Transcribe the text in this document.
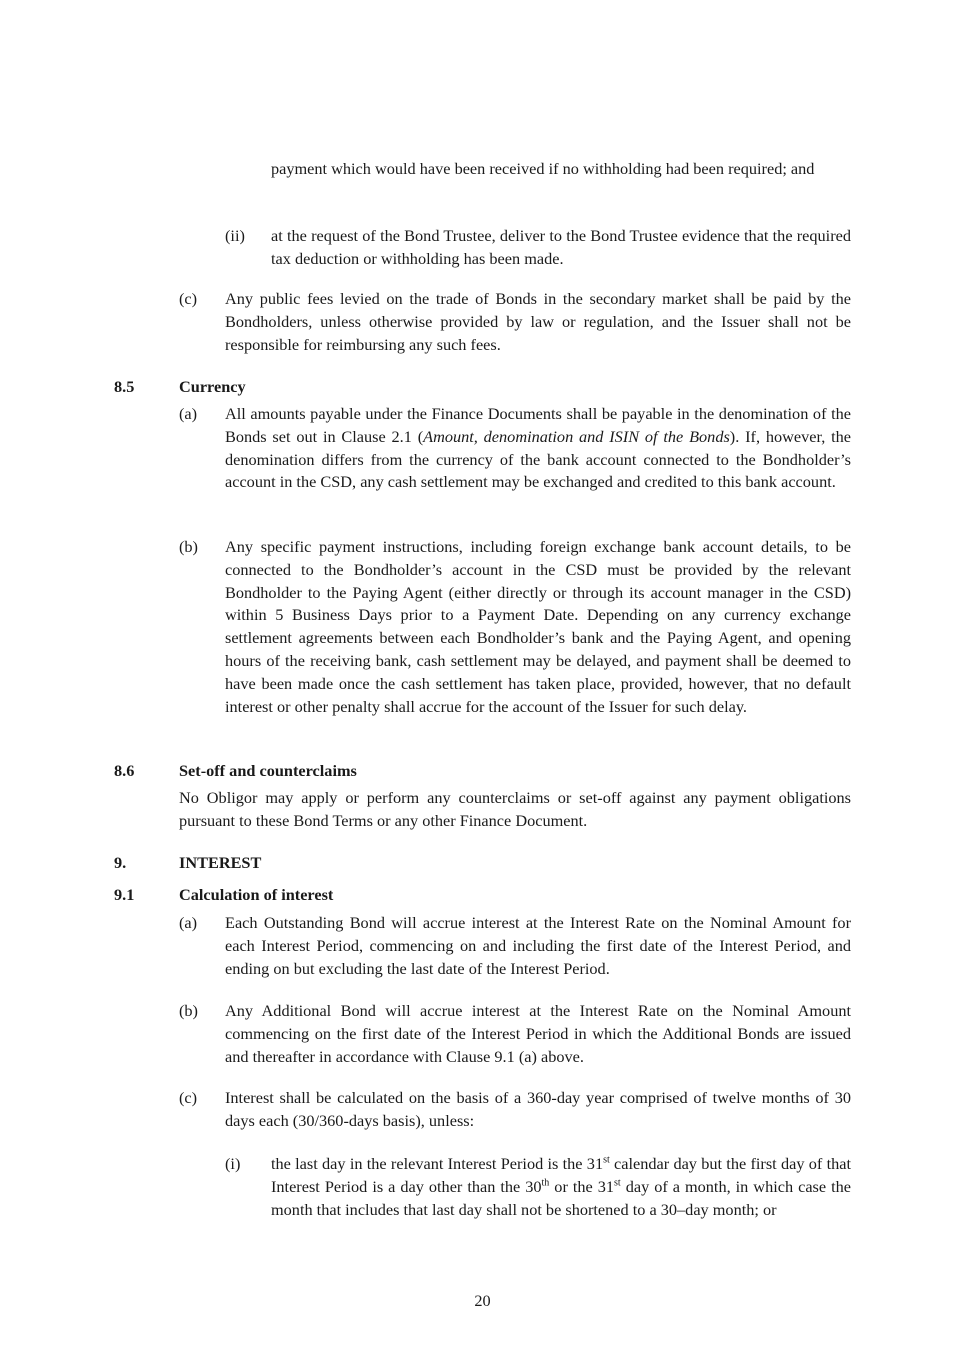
payment which would have been received if no withholding had been required; and
(ii) at the request of the Bond Trustee, deliver to the Bond Trustee evidence that the required tax deduction or withholding has been made.
(c) Any public fees levied on the trade of Bonds in the secondary market shall be paid by the Bondholders, unless otherwise provided by law or regulation, and the Issuer shall not be responsible for reimbursing any such fees.
8.5	Currency
(a) All amounts payable under the Finance Documents shall be payable in the denomination of the Bonds set out in Clause 2.1 (Amount, denomination and ISIN of the Bonds). If, however, the denomination differs from the currency of the bank account connected to the Bondholder’s account in the CSD, any cash settlement may be exchanged and credited to this bank account.
(b) Any specific payment instructions, including foreign exchange bank account details, to be connected to the Bondholder’s account in the CSD must be provided by the relevant Bondholder to the Paying Agent (either directly or through its account manager in the CSD) within 5 Business Days prior to a Payment Date. Depending on any currency exchange settlement agreements between each Bondholder’s bank and the Paying Agent, and opening hours of the receiving bank, cash settlement may be delayed, and payment shall be deemed to have been made once the cash settlement has taken place, provided, however, that no default interest or other penalty shall accrue for the account of the Issuer for such delay.
8.6	Set-off and counterclaims
No Obligor may apply or perform any counterclaims or set-off against any payment obligations pursuant to these Bond Terms or any other Finance Document.
9.	INTEREST
9.1	Calculation of interest
(a) Each Outstanding Bond will accrue interest at the Interest Rate on the Nominal Amount for each Interest Period, commencing on and including the first date of the Interest Period, and ending on but excluding the last date of the Interest Period.
(b) Any Additional Bond will accrue interest at the Interest Rate on the Nominal Amount commencing on the first date of the Interest Period in which the Additional Bonds are issued and thereafter in accordance with Clause 9.1 (a) above.
(c) Interest shall be calculated on the basis of a 360-day year comprised of twelve months of 30 days each (30/360-days basis), unless:
(i) the last day in the relevant Interest Period is the 31st calendar day but the first day of that Interest Period is a day other than the 30th or the 31st day of a month, in which case the month that includes that last day shall not be shortened to a 30–day month; or
20
